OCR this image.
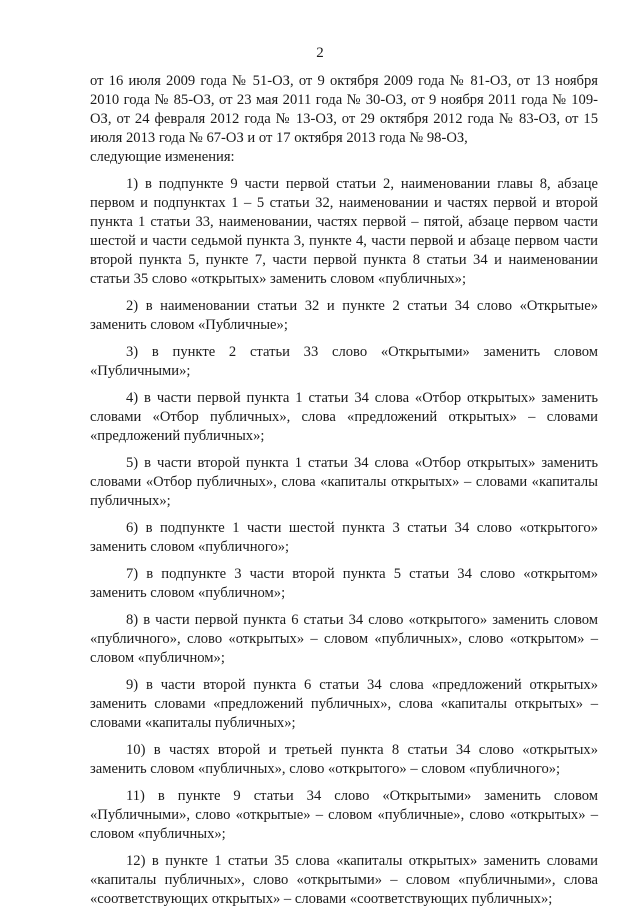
2

от 16 июля 2009 года № 51-ОЗ, от 9 октября 2009 года № 81-ОЗ, от 13 ноября 2010 года № 85-ОЗ, от 23 мая 2011 года № 30-ОЗ, от 9 ноября 2011 года № 109-ОЗ, от 24 февраля 2012 года № 13-ОЗ, от 29 октября 2012 года № 83-ОЗ, от 15 июля 2013 года № 67-ОЗ и от 17 октября 2013 года № 98-ОЗ,

следующие изменения:

1) в подпункте 9 части первой статьи 2, наименовании главы 8, абзаце первом и подпунктах 1 – 5 статьи 32, наименовании и частях первой и второй пункта 1 статьи 33, наименовании, частях первой – пятой, абзаце первом части шестой и части седьмой пункта 3, пункте 4, части первой и абзаце первом части второй пункта 5, пункте 7, части первой пункта 8 статьи 34 и наименовании статьи 35 слово «открытых» заменить словом «публичных»;

2) в наименовании статьи 32 и пункте 2 статьи 34 слово «Открытые» заменить словом «Публичные»;

3) в пункте 2 статьи 33 слово «Открытыми» заменить словом «Публичными»;

4) в части первой пункта 1 статьи 34 слова «Отбор открытых» заменить словами «Отбор публичных», слова «предложений открытых» – словами «предложений публичных»;

5) в части второй пункта 1 статьи 34 слова «Отбор открытых» заменить словами «Отбор публичных», слова «капиталы открытых» – словами «капиталы публичных»;

6) в подпункте 1 части шестой пункта 3 статьи 34 слово «открытого» заменить словом «публичного»;

7) в подпункте 3 части второй пункта 5 статьи 34 слово «открытом» заменить словом «публичном»;

8) в части первой пункта 6 статьи 34 слово «открытого» заменить словом «публичного», слово «открытых» – словом «публичных», слово «открытом» – словом «публичном»;

9) в части второй пункта 6 статьи 34 слова «предложений открытых» заменить словами «предложений публичных», слова «капиталы открытых» – словами «капиталы публичных»;

10) в частях второй и третьей пункта 8 статьи 34 слово «открытых» заменить словом «публичных», слово «открытого» – словом «публичного»;

11) в пункте 9 статьи 34 слово «Открытыми» заменить словом «Публичными», слово «открытые» – словом «публичные», слово «открытых» – словом «публичных»;

12) в пункте 1 статьи 35 слова «капиталы открытых» заменить словами «капиталы публичных», слово «открытыми» – словом «публичными», слова «соответствующих открытых» – словами «соответствующих публичных»;
